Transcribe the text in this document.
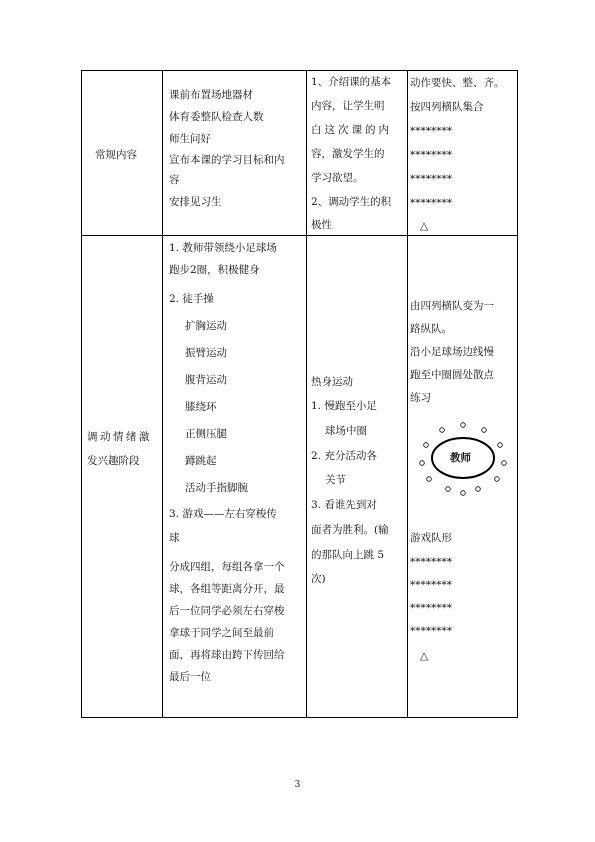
常规内容
课前布置场地器材
体育委整队检查人数
师生问好
宣布本课的学习目标和内
容
安排见习生
1、介绍课的基本
内容，让学生明
白这次课的内
容，激发学生的
学习欲望。
2、调动学生的积
极性
动作要快、整、齐。
按四列横队集合
********
********
********
********
△
调动情绪激
发兴趣阶段
1. 教师带领绕小足球场
跑步2圈，积极健身
2. 徒手操
扩胸运动
振臂运动
腹背运动
膝绕环
正侧压腿
蹲跳起
活动手指脚腕
3. 游戏——左右穿梭传
球
分成四组，每组各拿一个
球，各组等距离分开，最
后一位同学必须左右穿梭
拿球于同学之间至最前
面，再将球由跨下传回给
最后一位
热身运动
1. 慢跑至小足
球场中圈
2. 充分活动各
关节
3. 看谁先到对
面者为胜利。(输
的那队向上跳 5
次)
由四列横队变为一
路纵队。
沿小足球场边线慢
跑至中圈圆处散点
练习
教师
游戏队形
********
********
********
********
△
3
